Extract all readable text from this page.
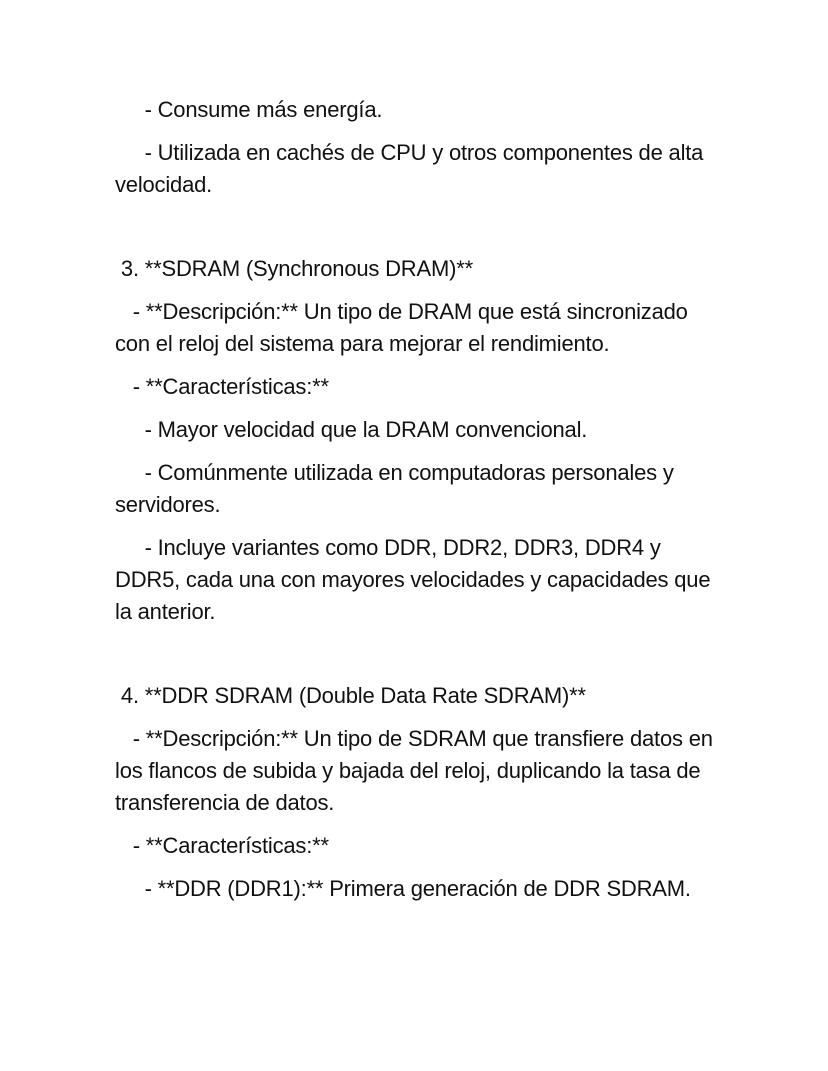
- Consume más energía.

- Utilizada en cachés de CPU y otros componentes de alta velocidad.

3. **SDRAM (Synchronous DRAM)**

- **Descripción:** Un tipo de DRAM que está sincronizado con el reloj del sistema para mejorar el rendimiento.

- **Características:**

- Mayor velocidad que la DRAM convencional.

- Comúnmente utilizada en computadoras personales y servidores.

- Incluye variantes como DDR, DDR2, DDR3, DDR4 y DDR5, cada una con mayores velocidades y capacidades que la anterior.

4. **DDR SDRAM (Double Data Rate SDRAM)**

- **Descripción:** Un tipo de SDRAM que transfiere datos en los flancos de subida y bajada del reloj, duplicando la tasa de transferencia de datos.

- **Características:**

- **DDR (DDR1):** Primera generación de DDR SDRAM.
